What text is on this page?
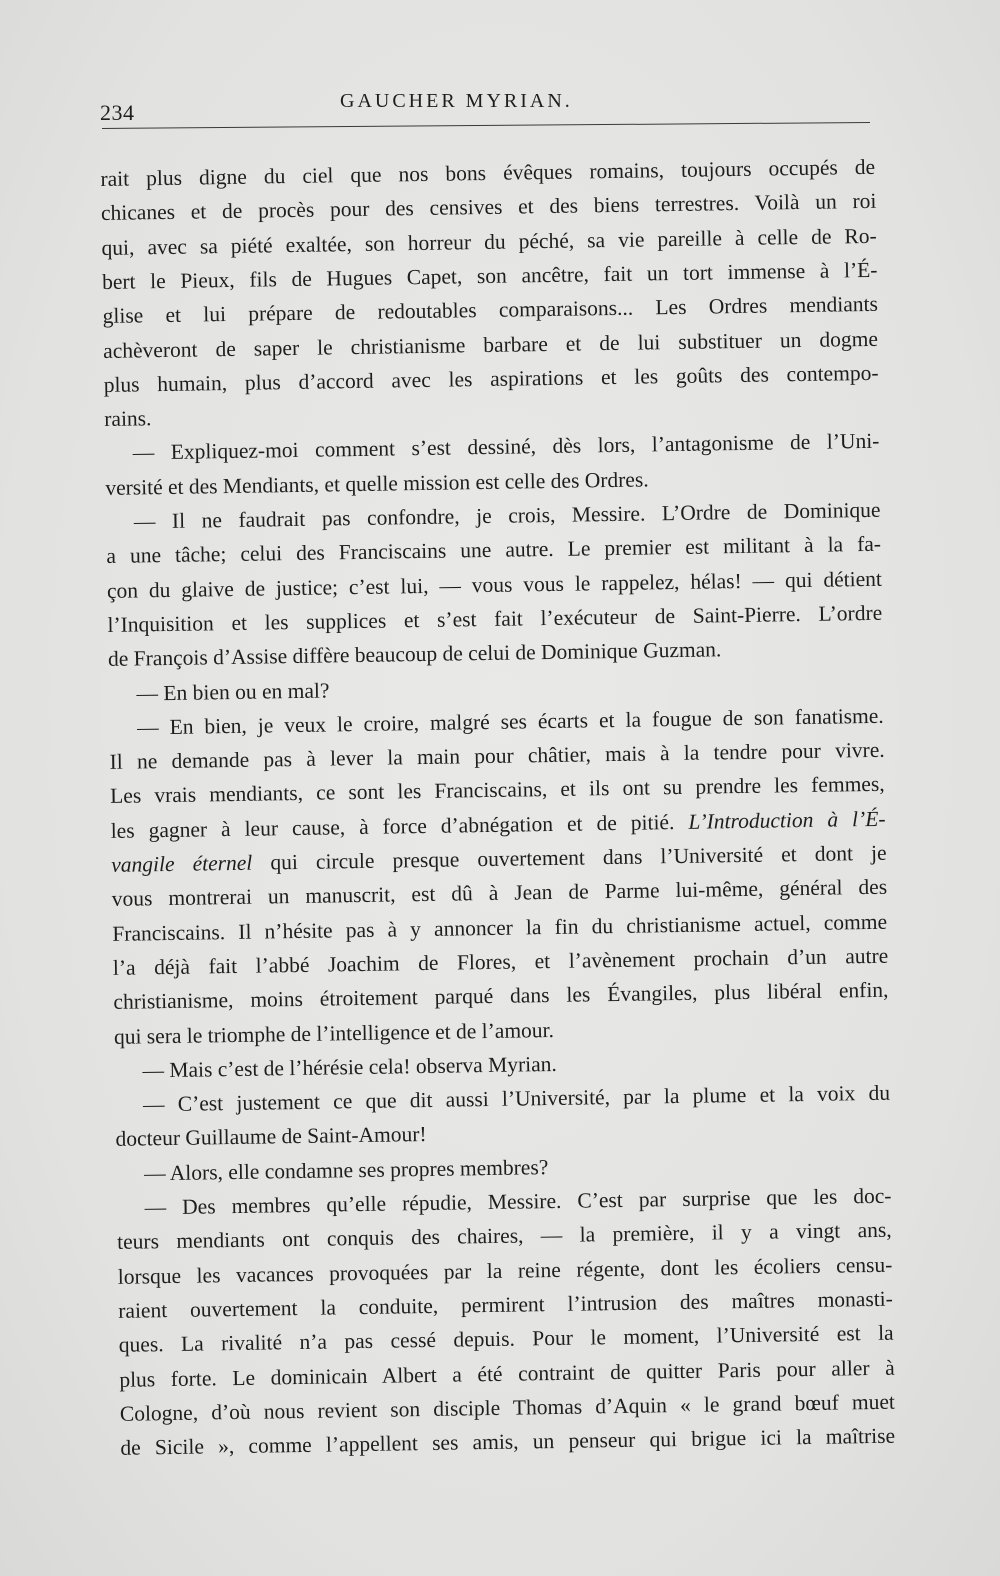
234	GAUCHER MYRIAN.
rait plus digne du ciel que nos bons évêques romains, toujours occupés de
chicanes et de procès pour des censives et des biens terrestres. Voilà un roi
qui, avec sa piété exaltée, son horreur du péché, sa vie pareille à celle de Ro-
bert le Pieux, fils de Hugues Capet, son ancêtre, fait un tort immense à l’É-
glise et lui prépare de redoutables comparaisons... Les Ordres mendiants
achèveront de saper le christianisme barbare et de lui substituer un dogme
plus humain, plus d’accord avec les aspirations et les goûts des contempo-
rains.
— Expliquez-moi comment s’est dessiné, dès lors, l’antagonisme de l’Uni-
versité et des Mendiants, et quelle mission est celle des Ordres.
— Il ne faudrait pas confondre, je crois, Messire. L’Ordre de Dominique
a une tâche; celui des Franciscains une autre. Le premier est militant à la fa-
çon du glaive de justice; c’est lui, — vous vous le rappelez, hélas! — qui détient
l’Inquisition et les supplices et s’est fait l’exécuteur de Saint-Pierre. L’ordre
de François d’Assise diffère beaucoup de celui de Dominique Guzman.
— En bien ou en mal?
— En bien, je veux le croire, malgré ses écarts et la fougue de son fanatisme.
Il ne demande pas à lever la main pour châtier, mais à la tendre pour vivre.
Les vrais mendiants, ce sont les Franciscains, et ils ont su prendre les femmes,
les gagner à leur cause, à force d’abnégation et de pitié. L’Introduction à l’É-
vangile éternel qui circule presque ouvertement dans l’Université et dont je
vous montrerai un manuscrit, est dû à Jean de Parme lui-même, général des
Franciscains. Il n’hésite pas à y annoncer la fin du christianisme actuel, comme
l’a déjà fait l’abbé Joachim de Flores, et l’avènement prochain d’un autre
christianisme, moins étroitement parqué dans les Évangiles, plus libéral enfin,
qui sera le triomphe de l’intelligence et de l’amour.
— Mais c’est de l’hérésie cela! observa Myrian.
— C’est justement ce que dit aussi l’Université, par la plume et la voix du
docteur Guillaume de Saint-Amour!
— Alors, elle condamne ses propres membres?
— Des membres qu’elle répudie, Messire. C’est par surprise que les doc-
teurs mendiants ont conquis des chaires, — la première, il y a vingt ans,
lorsque les vacances provoquées par la reine régente, dont les écoliers censu-
raient ouvertement la conduite, permirent l’intrusion des maîtres monasti-
ques. La rivalité n’a pas cessé depuis. Pour le moment, l’Université est la
plus forte. Le dominicain Albert a été contraint de quitter Paris pour aller à
Cologne, d’où nous revient son disciple Thomas d’Aquin « le grand bœuf muet
de Sicile », comme l’appellent ses amis, un penseur qui brigue ici la maîtrise
